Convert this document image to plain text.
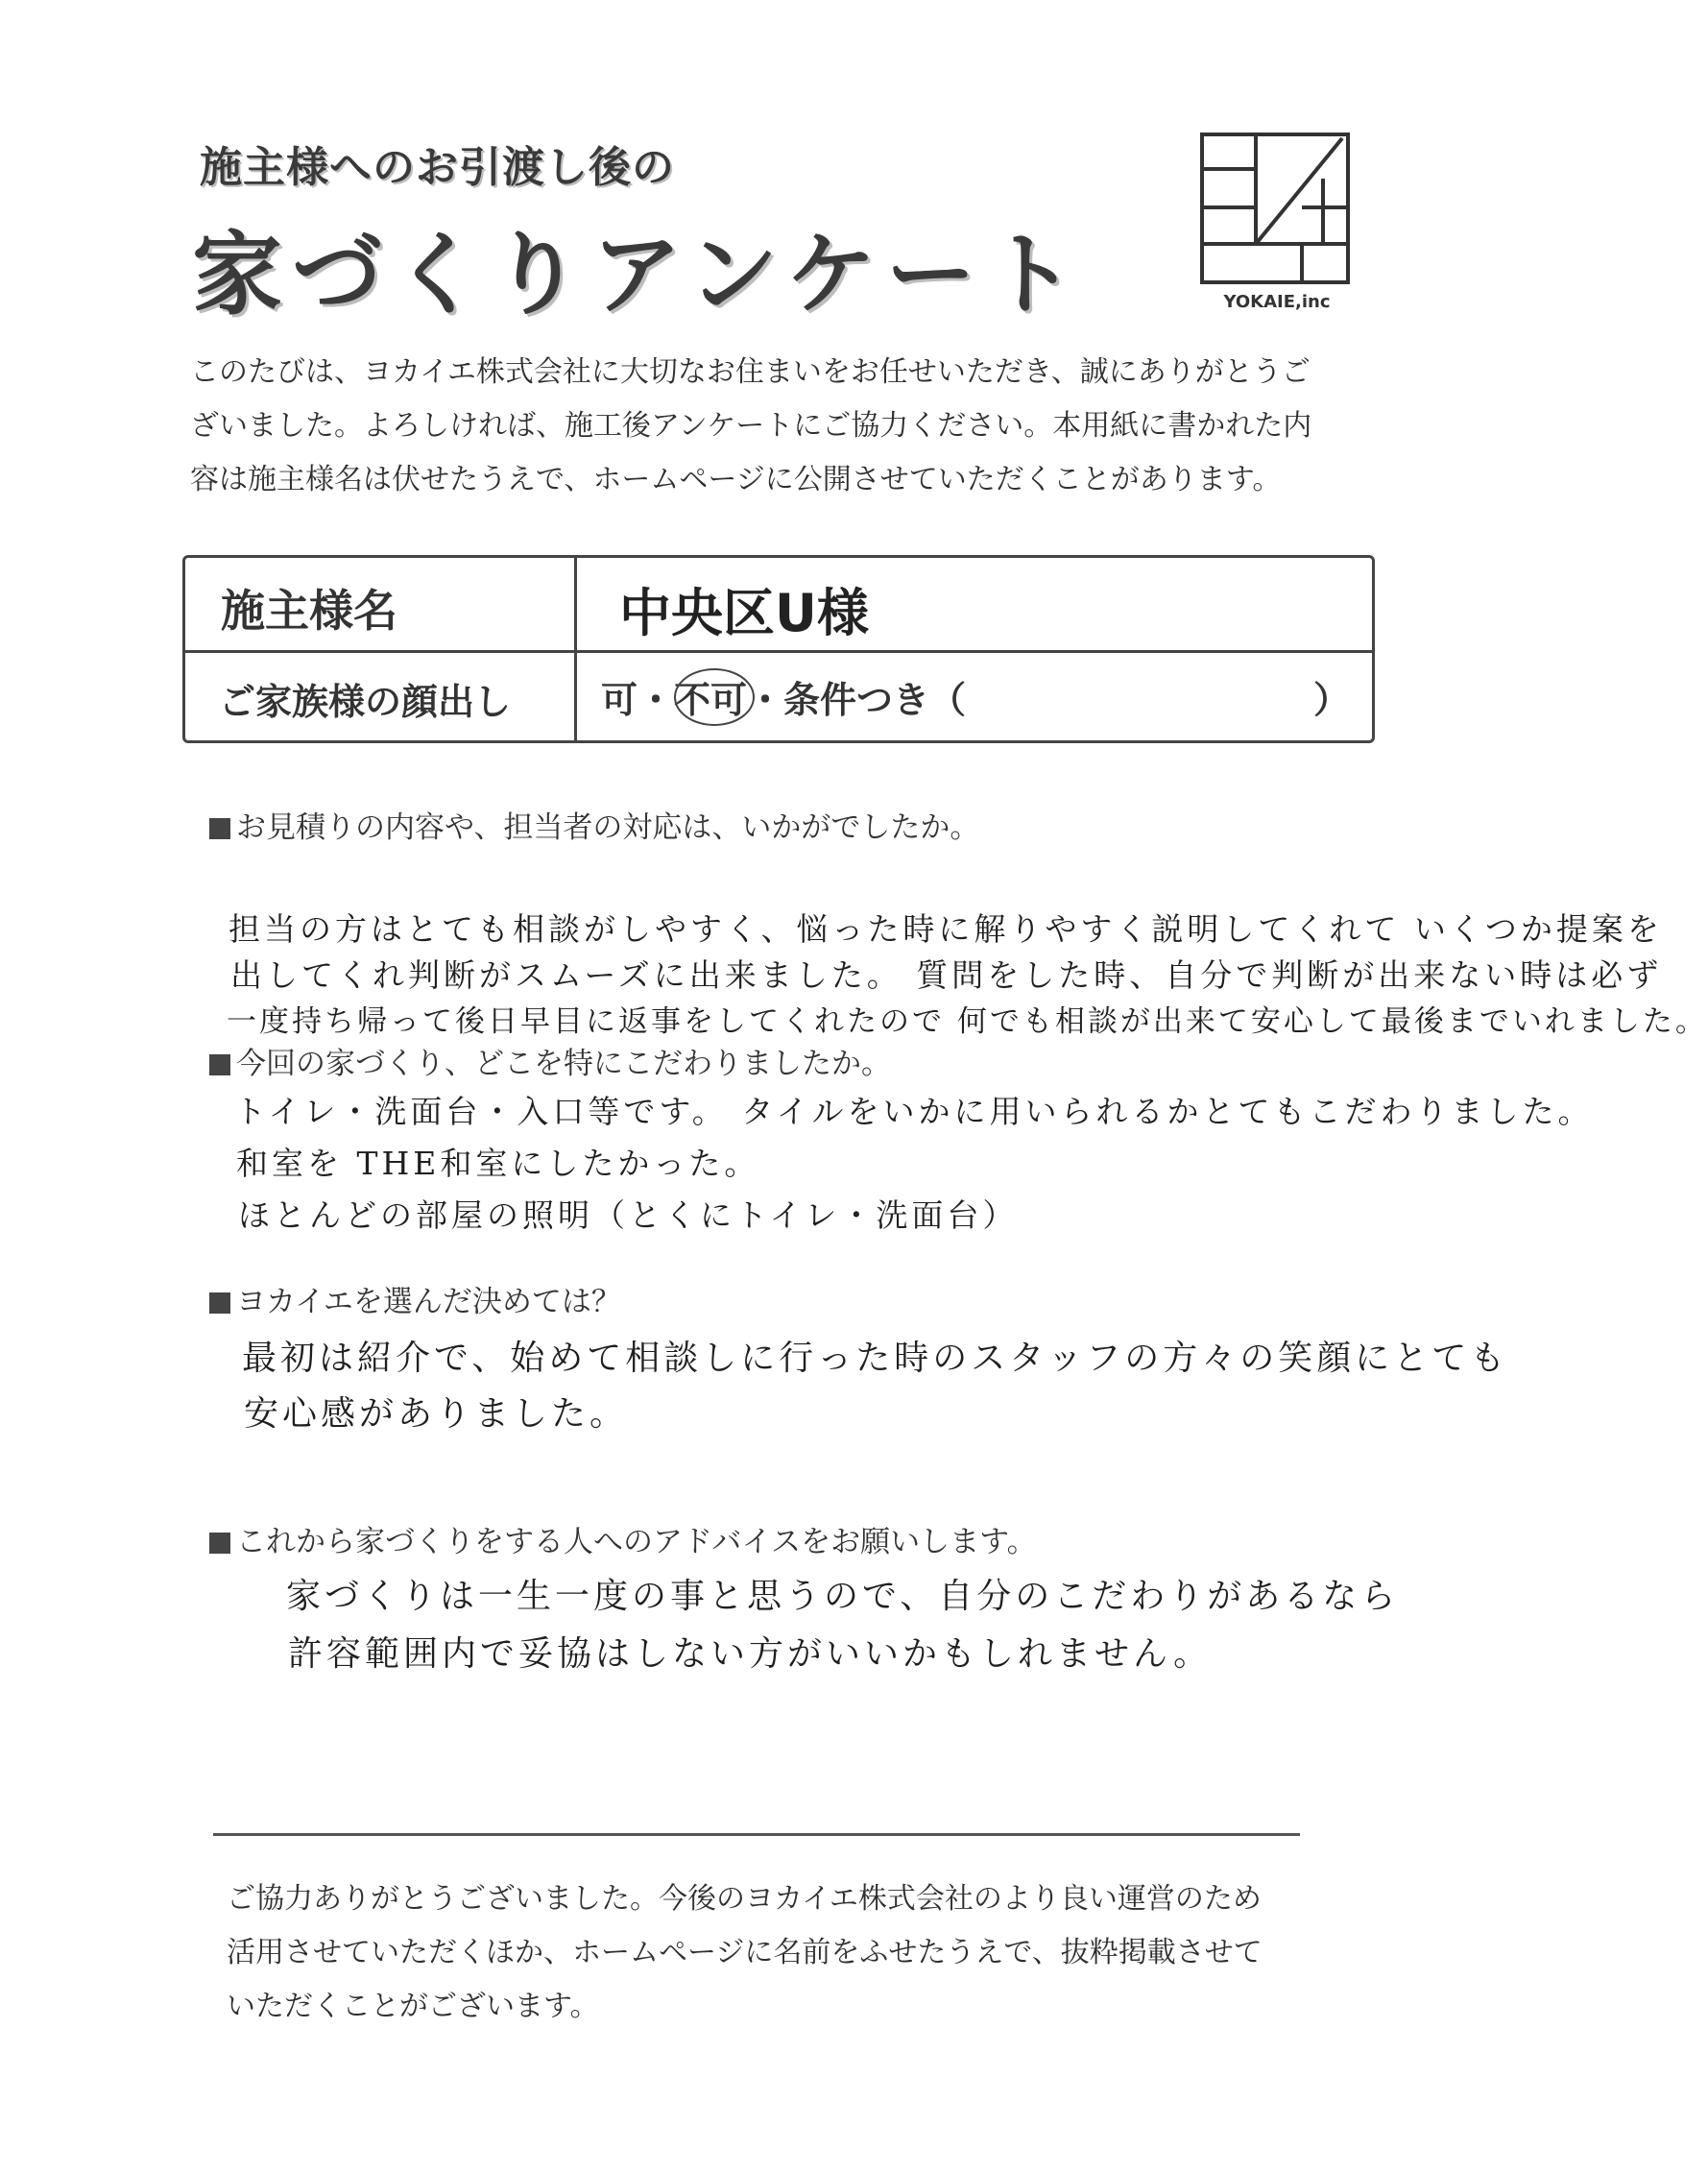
施主様へのお引渡し後の
家づくりアンケート	YOKAIE,inc
このたびは、ヨカイエ株式会社に大切なお住まいをお任せいただき、誠にありがとうご
ざいました。よろしければ、施工後アンケートにご協力ください。本用紙に書かれた内
容は施主様名は伏せたうえで、ホームページに公開させていただくことがあります。
施主様名	中央区U様
ご家族様の顔出し 可・不可・条件つき（	）
お見積りの内容や、担当者の対応は、いかがでしたか。
担当の方はとても相談がしやすく、悩った時に解りやすく説明してくれて いくつか提案を
出してくれ判断がスムーズに出来ました。 質問をした時、自分で判断が出来ない時は必ず
一度持ち帰って後日早目に返事をしてくれたので 何でも相談が出来て安心して最後までいれました。
今回の家づくり、どこを特にこだわりましたか。
トイレ・洗面台・入口等です。 タイルをいかに用いられるかとてもこだわりました。
和室を THE和室にしたかった。
ほとんどの部屋の照明（とくにトイレ・洗面台）
ヨカイエを選んだ決めては？
最初は紹介で、始めて相談しに行った時のスタッフの方々の笑顔にとても
安心感がありました。
これから家づくりをする人へのアドバイスをお願いします。
家づくりは一生一度の事と思うので、自分のこだわりがあるなら
許容範囲内で妥協はしない方がいいかもしれません。
ご協力ありがとうございました。今後のヨカイエ株式会社のより良い運営のため
活用させていただくほか、ホームページに名前をふせたうえで、抜粋掲載させて
いただくことがございます。
